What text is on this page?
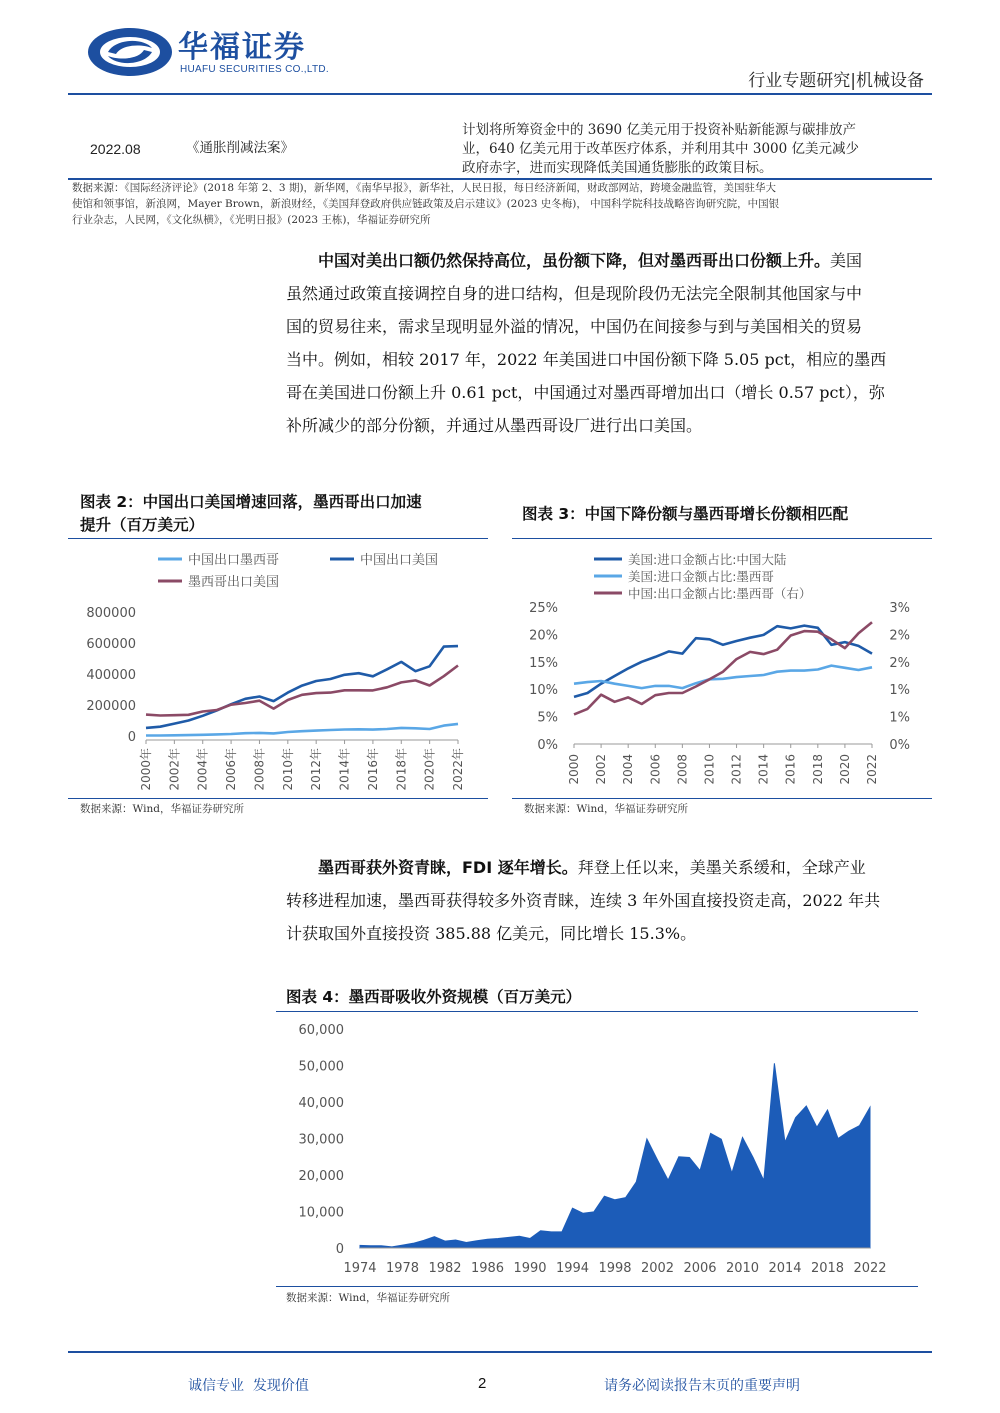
华福证券
HUAFU SECURITIES CO.,LTD.
行业专题研究|机械设备
2022.08	《通胀削减法案》
计划将所筹资金中的 3690 亿美元用于投资补贴新能源与碳排放产
业，640 亿美元用于改革医疗体系，并利用其中 3000 亿美元减少
政府赤字，进而实现降低美国通货膨胀的政策目标。
数据来源：《国际经济评论》(2018 年第 2、3 期)，新华网，《南华早报》，新华社，人民日报，每日经济新闻，财政部网站，跨境金融监管，美国驻华大
使馆和领事馆，新浪网，Mayer Brown，新浪财经，《美国拜登政府供应链政策及启示建议》(2023 史冬梅)， 中国科学院科技战略咨询研究院，中国银
行业杂志，人民网，《文化纵横》，《光明日报》(2023 王栋)，华福证券研究所
中国对美出口额仍然保持高位，虽份额下降，但对墨西哥出口份额上升。美国
虽然通过政策直接调控自身的进口结构，但是现阶段仍无法完全限制其他国家与中
国的贸易往来，需求呈现明显外溢的情况，中国仍在间接参与到与美国相关的贸易
当中。例如，相较 2017 年，2022 年美国进口中国份额下降 5.05 pct，相应的墨西
哥在美国进口份额上升 0.61 pct，中国通过对墨西哥增加出口（增长 0.57 pct），弥
补所减少的部分份额，并通过从墨西哥设厂进行出口美国。
图表 2：中国出口美国增速回落，墨西哥出口加速
提升（百万美元）
中国出口墨西哥	中国出口美国
墨西哥出口美国
0
200000
400000
600000
800000
2000年 2002年 2004年 2006年 2008年 2010年 2012年 2014年 2016年 2018年 2020年 2022年
数据来源：Wind，华福证券研究所
图表 3：中国下降份额与墨西哥增长份额相匹配
美国:进口金额占比:中国大陆
美国:进口金额占比:墨西哥
中国:出口金额占比:墨西哥（右）
0%
5%
10%
15%
20%
25%
0%
1%
1%
2%
2%
3%
2000 2002 2004 2006 2008 2010 2012 2014 2016 2018 2020 2022
数据来源：Wind，华福证券研究所
墨西哥获外资青睐，FDI 逐年增长。拜登上任以来，美墨关系缓和，全球产业
转移进程加速，墨西哥获得较多外资青睐，连续 3 年外国直接投资走高，2022 年共
计获取国外直接投资 385.88 亿美元，同比增长 15.3%。
图表 4：墨西哥吸收外资规模（百万美元）
0
10,000
20,000
30,000
40,000
50,000
60,000
1974 1978 1982 1986 1990 1994 1998 2002 2006 2010 2014 2018 2022
数据来源：Wind，华福证券研究所
诚信专业  发现价值	2	请务必阅读报告末页的重要声明
